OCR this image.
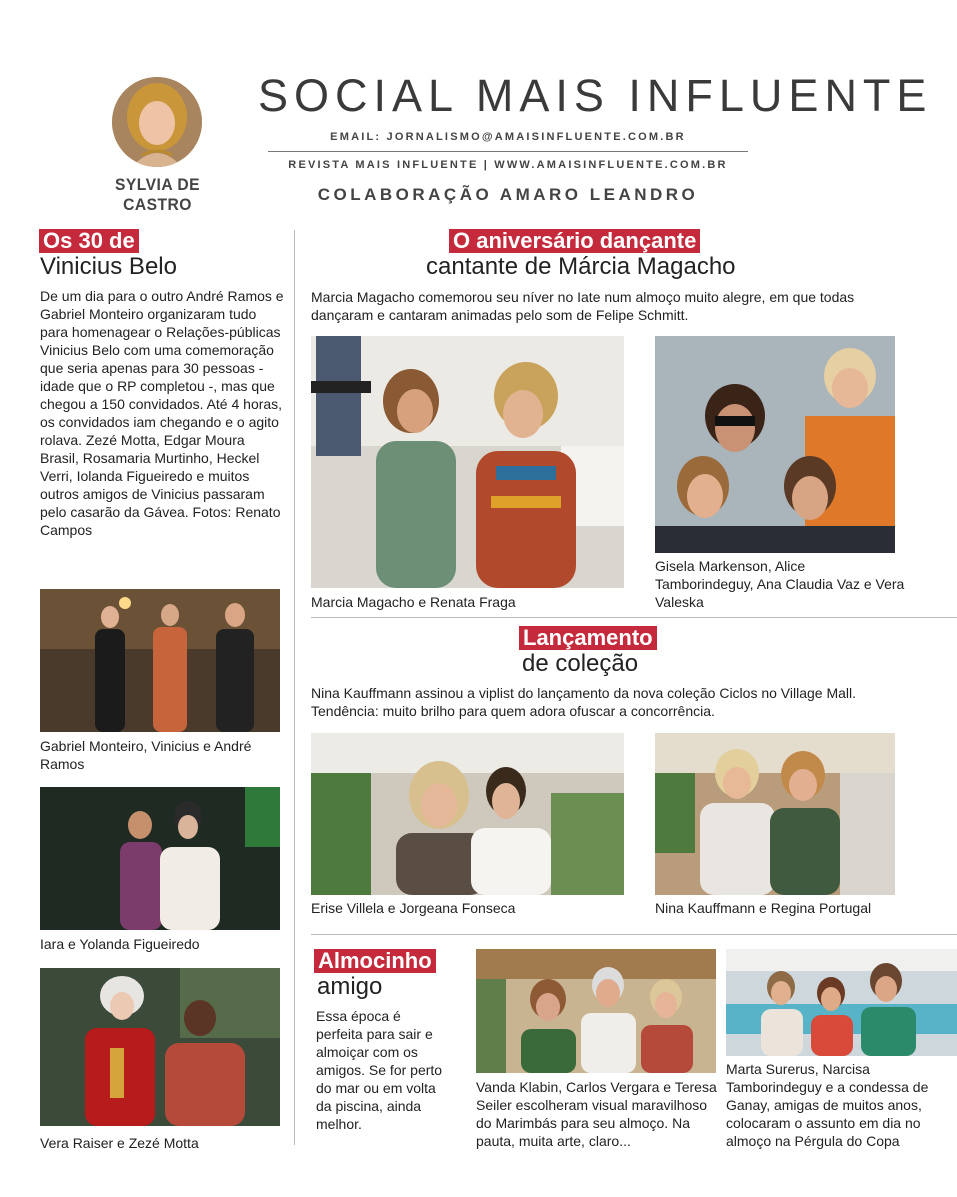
SYLVIA DE CASTRO
SOCIAL MAIS INFLUENTE
EMAIL: JORNALISMO@AMAISINFLUENTE.COM.BR
REVISTA MAIS INFLUENTE | WWW.AMAISINFLUENTE.COM.BR
COLABORAÇÃO AMARO LEANDRO
Os 30 de
Vinicius Belo
De um dia para o outro André Ramos e Gabriel Monteiro organizaram tudo para homenagear o Relações-públicas Vinicius Belo com uma comemoração que seria apenas para 30 pessoas - idade que o RP completou -, mas que chegou a 150 convidados. Até 4 horas, os convidados iam chegando e o agito rolava. Zezé Motta, Edgar Moura Brasil, Rosamaria Murtinho, Heckel Verri, Iolanda Figueiredo e muitos outros amigos de Vinicius passaram pelo casarão da Gávea. Fotos: Renato Campos
Gabriel Monteiro, Vinicius e André Ramos
Iara e Yolanda Figueiredo
Vera Raiser e Zezé Motta
O aniversário dançante
cantante de Márcia Magacho
Marcia Magacho comemorou seu níver no Iate num almoço muito alegre, em que todas dançaram e cantaram animadas pelo som de Felipe Schmitt.
Marcia Magacho e Renata Fraga
Gisela Markenson, Alice Tamborindeguy, Ana Claudia Vaz e Vera Valeska
Lançamento
de coleção
Nina Kauffmann assinou a viplist do lançamento da nova coleção Ciclos no Village Mall. Tendência: muito brilho para quem adora ofuscar a concorrência.
Erise Villela e Jorgeana Fonseca	Nina Kauffmann e Regina Portugal
Almocinho
amigo
Essa época é perfeita para sair e almoiçar com os amigos. Se for perto do mar ou em volta da piscina, ainda melhor.
Vanda Klabin, Carlos Vergara e Teresa Seiler escolheram visual maravilhoso do Marimbás para seu almoço. Na pauta, muita arte, claro...
Marta Surerus, Narcisa Tamborindeguy e a condessa de Ganay, amigas de muitos anos, colocaram o assunto em dia no almoço na Pérgula do Copa
